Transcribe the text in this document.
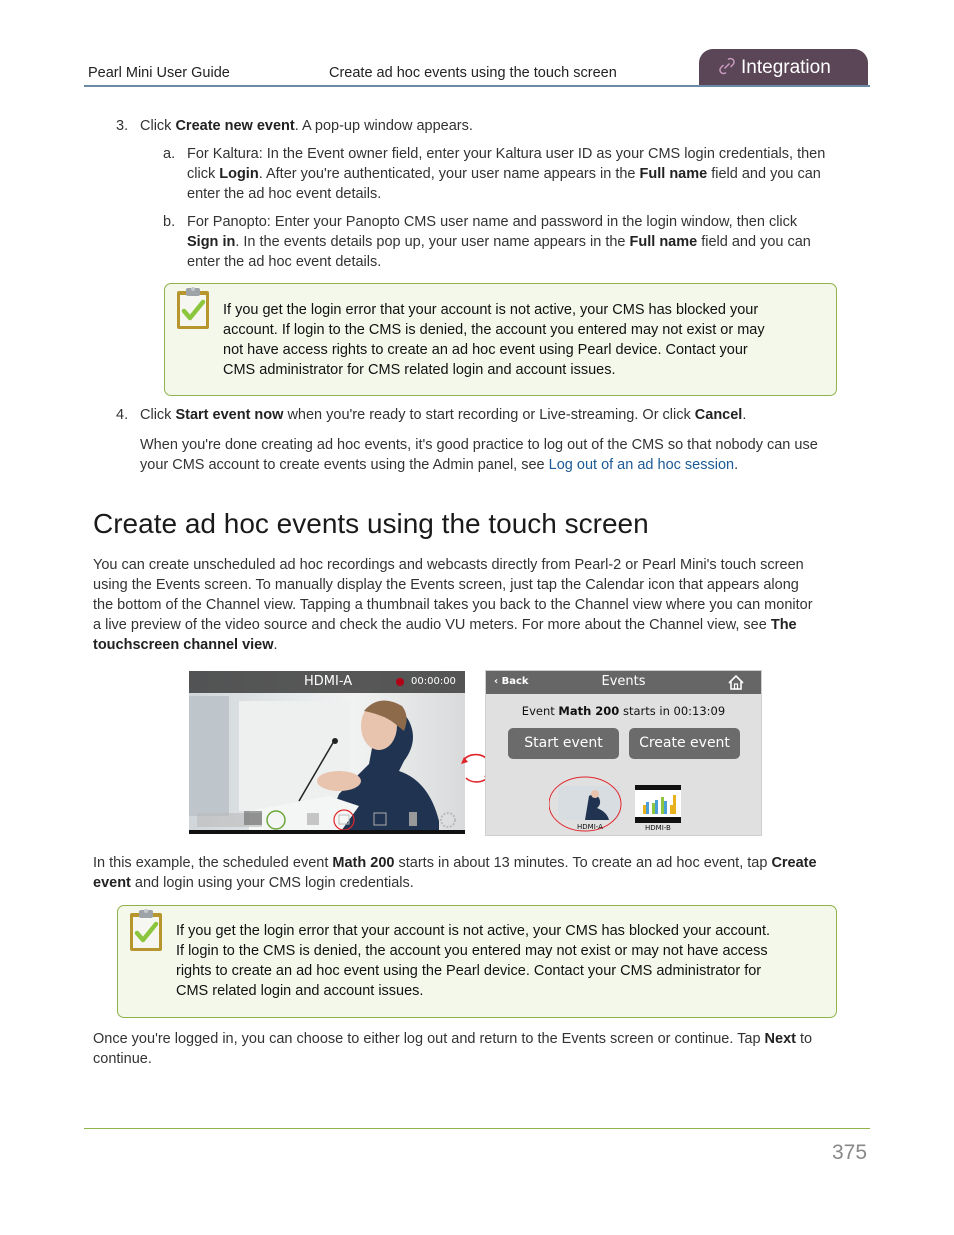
Pearl Mini User Guide	Create ad hoc events using the touch screen	Integration
3. Click Create new event. A pop-up window appears.
a. For Kaltura: In the Event owner field, enter your Kaltura user ID as your CMS login credentials, then
click Login. After you're authenticated, your user name appears in the Full name field and you can
enter the ad hoc event details.
b. For Panopto: Enter your Panopto CMS user name and password in the login window, then click
Sign in. In the events details pop up, your user name appears in the Full name field and you can
enter the ad hoc event details.
If you get the login error that your account is not active, your CMS has blocked your
account. If login to the CMS is denied, the account you entered may not exist or may
not have access rights to create an ad hoc event using Pearl device. Contact your
CMS administrator for CMS related login and account issues.
4. Click Start event now when you're ready to start recording or Live-streaming. Or click Cancel.
When you're done creating ad hoc events, it's good practice to log out of the CMS so that nobody can use
your CMS account to create events using the Admin panel, see Log out of an ad hoc session.
Create ad hoc events using the touch screen
You can create unscheduled ad hoc recordings and webcasts directly from Pearl-2 or Pearl Mini's touch screen
using the Events screen. To manually display the Events screen, just tap the Calendar icon that appears along
the bottom of the Channel view. Tapping a thumbnail takes you back to the Channel view where you can monitor
a live preview of the video source and check the audio VU meters. For more about the Channel view, see The
touchscreen channel view.
HDMI-A	00:00:00	‹ Back	Events
Event Math 200 starts in 00:13:09
Start event	Create event
HDMI-A	HDMI-B
In this example, the scheduled event Math 200 starts in about 13 minutes. To create an ad hoc event, tap Create
event and login using your CMS login credentials.
If you get the login error that your account is not active, your CMS has blocked your account.
If login to the CMS is denied, the account you entered may not exist or may not have access
rights to create an ad hoc event using the Pearl device. Contact your CMS administrator for
CMS related login and account issues.
Once you're logged in, you can choose to either log out and return to the Events screen or continue. Tap Next to
continue.
375
